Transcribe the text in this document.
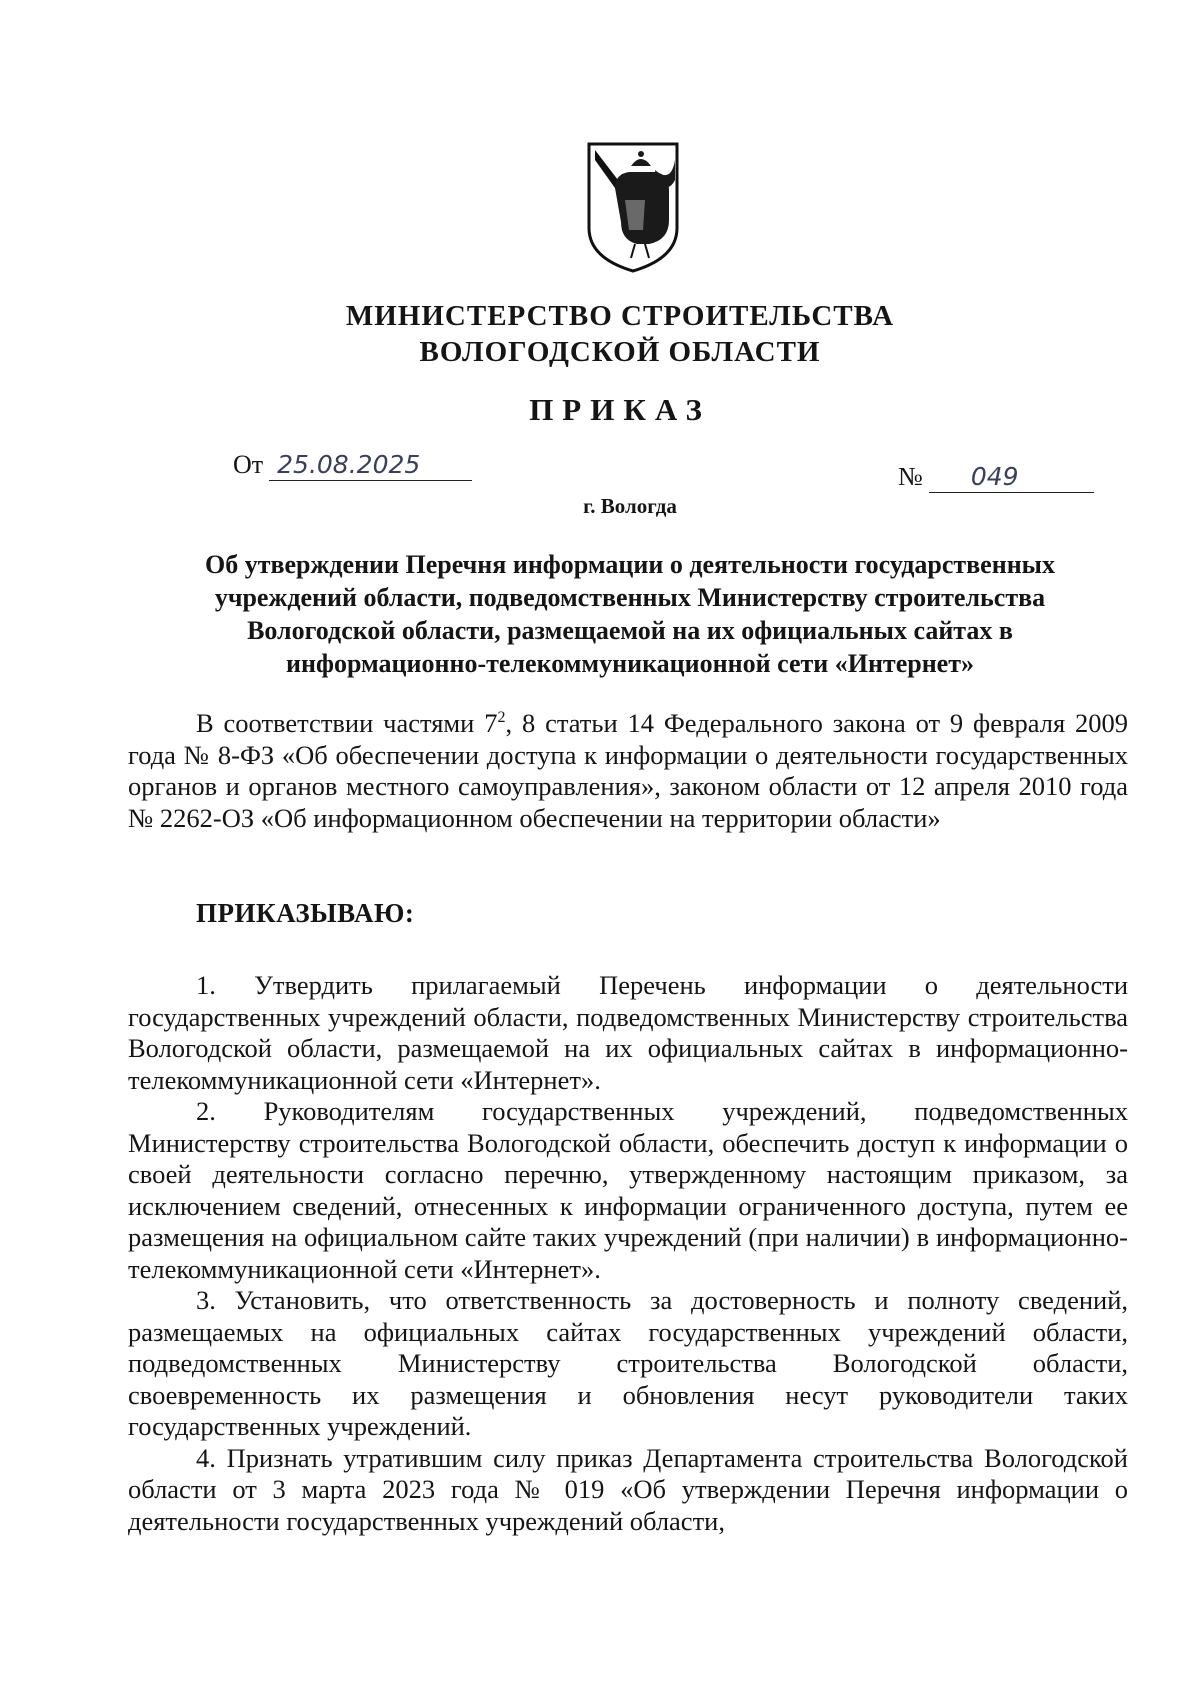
МИНИСТЕРСТВО СТРОИТЕЛЬСТВА
ВОЛОГОДСКОЙ ОБЛАСТИ
ПРИКАЗ
От 25.08.2025	№ 049
г. Вологда
Об утверждении Перечня информации о деятельности государственных
учреждений области, подведомственных Министерству строительства
Вологодской области, размещаемой на их официальных сайтах в
информационно-телекоммуникационной сети «Интернет»

В соответствии частями $7^2$, 8 статьи 14 Федерального закона от 9 февраля 2009 года № 8-ФЗ «Об обеспечении доступа к информации о деятельности государственных органов и органов местного самоуправления», законом области от 12 апреля 2010 года № 2262-ОЗ «Об информационном обеспечении на территории области»

ПРИКАЗЫВАЮ:

1. Утвердить прилагаемый Перечень информации о деятельности государственных учреждений области, подведомственных Министерству строительства Вологодской области, размещаемой на их официальных сайтах в информационно-телекоммуникационной сети «Интернет».

2. Руководителям государственных учреждений, подведомственных Министерству строительства Вологодской области, обеспечить доступ к информации о своей деятельности согласно перечню, утвержденному настоящим приказом, за исключением сведений, отнесенных к информации ограниченного доступа, путем ее размещения на официальном сайте таких учреждений (при наличии) в информационно-телекоммуникационной сети «Интернет».

3. Установить, что ответственность за достоверность и полноту сведений, размещаемых на официальных сайтах государственных учреждений области, подведомственных Министерству строительства Вологодской области, своевременность их размещения и обновления несут руководители таких государственных учреждений.

4. Признать утратившим силу приказ Департамента строительства Вологодской области от 3 марта 2023 года № 019 «Об утверждении Перечня информации о деятельности государственных учреждений области,
